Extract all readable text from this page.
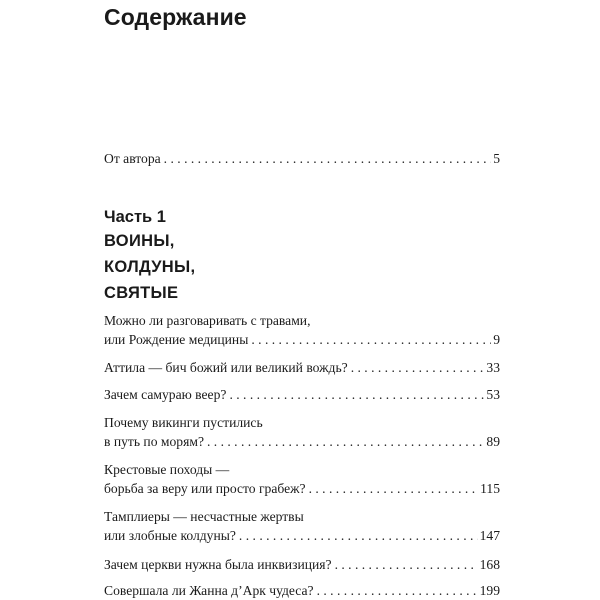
Содержание
От автора . . .	5
Часть 1
ВОИНЫ,
КОЛДУНЫ,
СВЯТЫЕ
Можно ли разговаривать с травами,
или Рождение медицины . . .	9
Аттила — бич божий или великий вождь? . . .	33
Зачем самураю веер? . . .	53
Почему викинги пустились
в путь по морям? . . .	89
Крестовые походы —
борьба за веру или просто грабеж? . . .	115
Тамплиеры — несчастные жертвы
или злобные колдуны? . . .	147
Зачем церкви нужна была инквизиция? . . .	168
Совершала ли Жанна д’Арк чудеса? . . .	199
